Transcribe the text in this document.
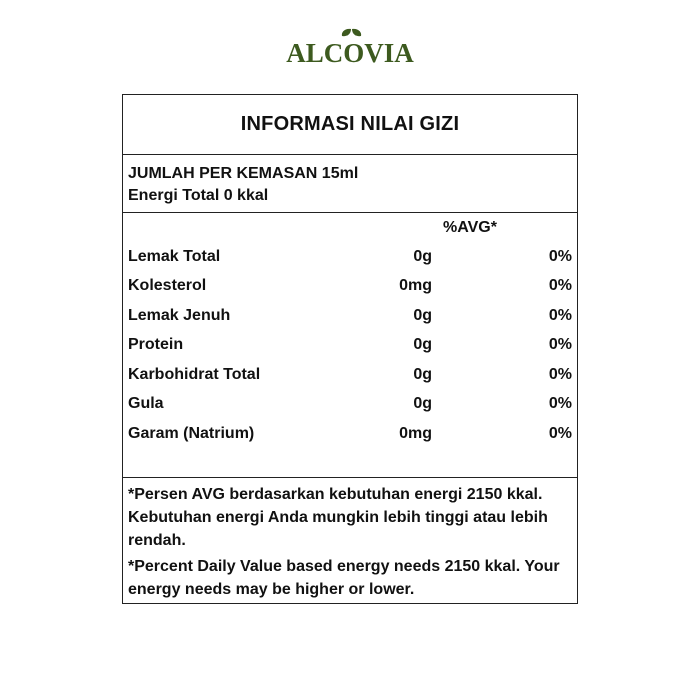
ALCOVIA
INFORMASI NILAI GIZI
JUMLAH PER KEMASAN 15ml
Energi Total 0 kkal
%AVG*
Lemak Total	0g	0%
Kolesterol	0mg	0%
Lemak Jenuh	0g	0%
Protein	0g	0%
Karbohidrat Total	0g	0%
Gula	0g	0%
Garam (Natrium)	0mg	0%
*Persen AVG berdasarkan kebutuhan energi 2150 kkal. Kebutuhan energi Anda mungkin lebih tinggi atau lebih rendah.
*Percent Daily Value based energy needs 2150 kkal. Your energy needs may be higher or lower.
